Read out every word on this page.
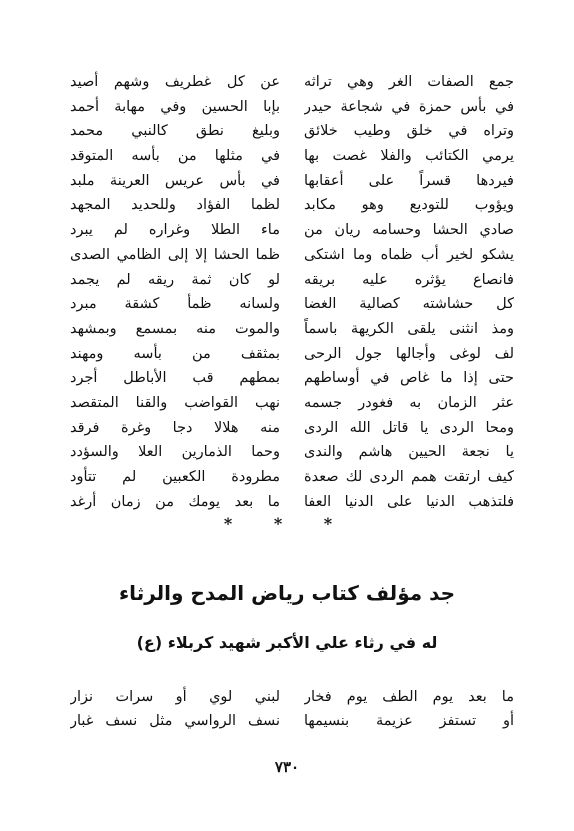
جمع الصفات الغر وهي تراثه
عن كل غطريف وشهم أصيد
في بأس حمزة في شجاعة حيدر
بإبا الحسين وفي مهابة أحمد
وتراه في خلق وطيب خلائق
وبليغ نطق كالنبي محمد
يرمي الكتائب والفلا غصت بها
في مثلها من بأسه المتوقد
فيردها قسراً على أعقابها
في بأس عريس العرينة ملبد
ويؤوب للتوديع وهو مكابد
لظما الفؤاد وللحديد المجهد
صادي الحشا وحسامه ريان من
ماء الطلا وغراره لم يبرد
يشكو لخير أب ظماه وما اشتكى
ظما الحشا إلا إلى الظامي الصدى
فانصاع يؤثره عليه بريقه
لو كان ثمة ريقه لم يجمد
كل حشاشته كصالية الغضا
ولسانه ظمأ كشقة مبرد
ومذ انثنى يلقى الكريهة باسماً
والموت منه بمسمع وبمشهد
لف لوغى وأجالها جول الرحى
بمثقف من بأسه ومهند
حتى إذا ما غاص في أوساطهم
بمطهم قب الأباطل أجرد
عثر الزمان به فغودر جسمه
نهب القواضب والقنا المتقصد
ومحا الردى يا قاتل الله الردى
منه هلالا دجا وغرة فرقد
يا نجعة الحيين هاشم والندى
وحما الذمارين العلا والسؤدد
كيف ارتقت همم الردى لك صعدة
مطرودة الكعبين لم تتأود
فلتذهب الدنيا على الدنيا العفا
ما بعد يومك من زمان أرغد
* * *
جد مؤلف كتاب رياض المدح والرثاء
له في رثاء علي الأكبر شهيد كربلاء (ع)
ما بعد يوم الطف يوم فخار
لبني لوي أو سرات نزار
أو تستفز عزيمة بنسيمها
نسف الرواسي مثل نسف غبار
٧٣٠
